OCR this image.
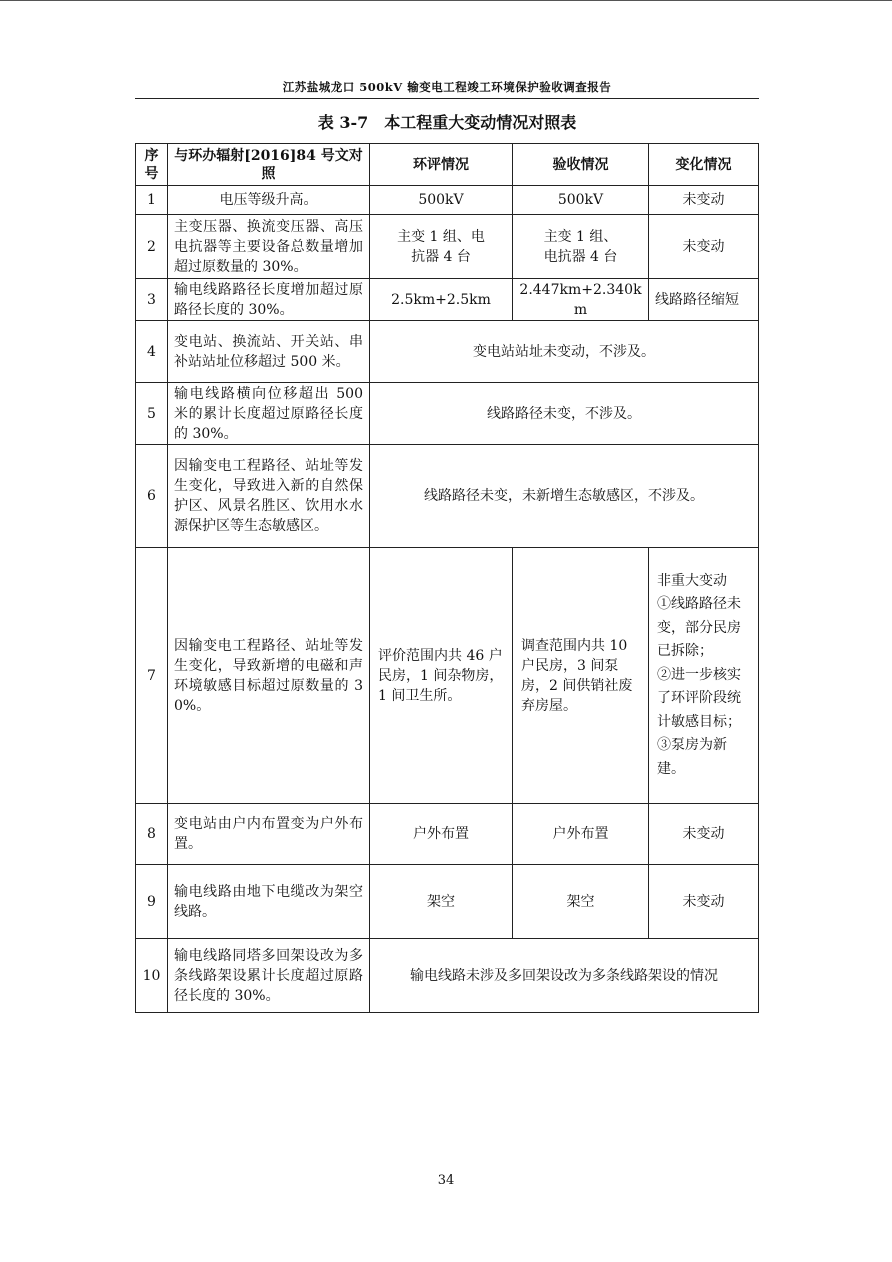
江苏盐城龙口 500kV 输变电工程竣工环境保护验收调查报告
表 3-7　本工程重大变动情况对照表
序号	与环办辐射[2016]84 号文对照	环评情况	验收情况	变化情况
1	电压等级升高。	500kV	500kV	未变动
2	主变压器、换流变压器、高压电抗器等主要设备总数量增加超过原数量的 30%。	主变 1 组、电抗器 4 台	主变 1 组、电抗器 4 台	未变动
3	输电线路路径长度增加超过原路径长度的 30%。	2.5km+2.5km	2.447km+2.340km	线路路径缩短
4	变电站、换流站、开关站、串补站站址位移超过 500 米。	变电站站址未变动，不涉及。		
5	输电线路横向位移超出 500 米的累计长度超过原路径长度的 30%。	线路路径未变，不涉及。		
6	因输变电工程路径、站址等发生变化，导致进入新的自然保护区、风景名胜区、饮用水水源保护区等生态敏感区。	线路路径未变，未新增生态敏感区，不涉及。		
7	因输变电工程路径、站址等发生变化，导致新增的电磁和声环境敏感目标超过原数量的 30%。	评价范围内共 46 户民房，1 间杂物房，1 间卫生所。	调查范围内共 10 户民房，3 间泵房，2 间供销社废弃房屋。	非重大变动
①线路路径未变，部分民房已拆除；
②进一步核实了环评阶段统计敏感目标；
③泵房为新建。
8	变电站由户内布置变为户外布置。	户外布置	户外布置	未变动
9	输电线路由地下电缆改为架空线路。	架空	架空	未变动
10	输电线路同塔多回架设改为多条线路架设累计长度超过原路径长度的 30%。	输电线路未涉及多回架设改为多条线路架设的情况		
34
